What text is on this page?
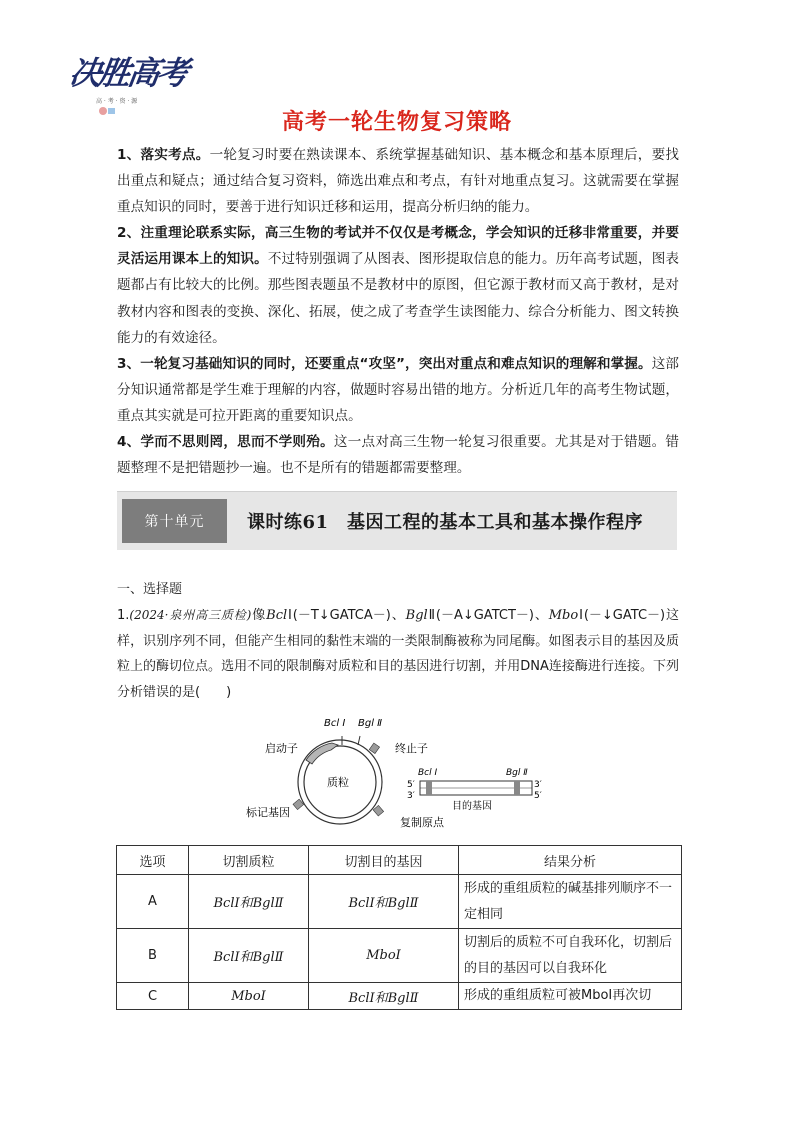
决胜高考
高 · 考 · 资 · 源
高考一轮生物复习策略

1、落实考点。一轮复习时要在熟读课本、系统掌握基础知识、基本概念和基本原理后，要找出重点和疑点；通过结合复习资料，筛选出难点和考点，有针对地重点复习。这就需要在掌握重点知识的同时，要善于进行知识迁移和运用，提高分析归纳的能力。

2、注重理论联系实际，高三生物的考试并不仅仅是考概念，学会知识的迁移非常重要，并要灵活运用课本上的知识。不过特别强调了从图表、图形提取信息的能力。历年高考试题，图表题都占有比较大的比例。那些图表题虽不是教材中的原图，但它源于教材而又高于教材，是对教材内容和图表的变换、深化、拓展，使之成了考查学生读图能力、综合分析能力、图文转换能力的有效途径。

3、一轮复习基础知识的同时，还要重点“攻坚”，突出对重点和难点知识的理解和掌握。这部分知识通常都是学生难于理解的内容，做题时容易出错的地方。分析近几年的高考生物试题，重点其实就是可拉开距离的重要知识点。

4、学而不思则罔，思而不学则殆。这一点对高三生物一轮复习很重要。尤其是对于错题。错题整理不是把错题抄一遍。也不是所有的错题都需要整理。

第十单元	课时练61　基因工程的基本工具和基本操作程序
一、选择题
1.(2024·泉州高三质检)像BclⅠ(－T↓GATCA－)、BglⅡ(－A↓GATCT－)、MboⅠ(－↓GATC－)这样，识别序列不同，但能产生相同的黏性末端的一类限制酶被称为同尾酶。如图表示目的基因及质粒上的酶切位点。选用不同的限制酶对质粒和目的基因进行切割，并用DNA连接酶进行连接。下列分析错误的是(　　)
Bcl Ⅰ Bgl Ⅱ
启动子	终止子
质粒
标记基因
复制原点
Bcl Ⅰ	Bgl Ⅱ
5′
3′
3′
5′
目的基因
选项	切割质粒	切割目的基因	结果分析
A	BclⅠ和BglⅡ	BclⅠ和BglⅡ	形成的重组质粒的碱基排列顺序不一定相同
B	BclⅠ和BglⅡ	MboⅠ	切割后的质粒不可自我环化，切割后的目的基因可以自我环化
C	MboⅠ	BclⅠ和BglⅡ	形成的重组质粒可被MboⅠ再次切
